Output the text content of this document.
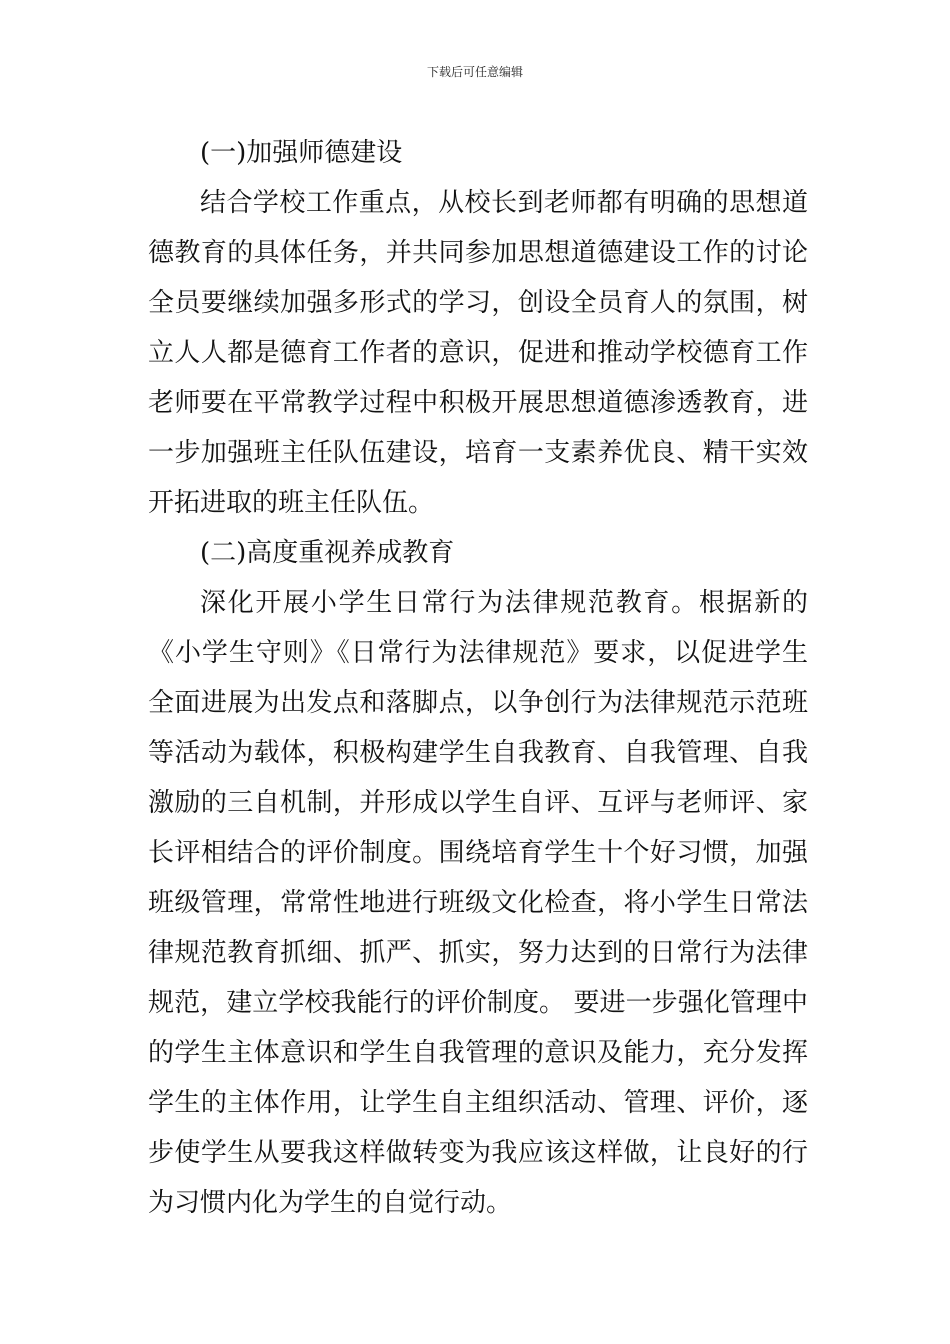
下载后可任意编辑
(一)加强师德建设
结合学校工作重点，从校长到老师都有明确的思想道
德教育的具体任务，并共同参加思想道德建设工作的讨论
全员要继续加强多形式的学习，创设全员育人的氛围，树
立人人都是德育工作者的意识，促进和推动学校德育工作
老师要在平常教学过程中积极开展思想道德渗透教育，进
一步加强班主任队伍建设，培育一支素养优良、精干实效
开拓进取的班主任队伍。
(二)高度重视养成教育
深化开展小学生日常行为法律规范教育。根据新的
《小学生守则》《日常行为法律规范》要求，以促进学生
全面进展为出发点和落脚点，以争创行为法律规范示范班
等活动为载体，积极构建学生自我教育、自我管理、自我
激励的三自机制，并形成以学生自评、互评与老师评、家
长评相结合的评价制度。围绕培育学生十个好习惯，加强
班级管理，常常性地进行班级文化检查，将小学生日常法
律规范教育抓细、抓严、抓实，努力达到的日常行为法律
规范，建立学校我能行的评价制度。 要进一步强化管理中
的学生主体意识和学生自我管理的意识及能力，充分发挥
学生的主体作用，让学生自主组织活动、管理、评价，逐
步使学生从要我这样做转变为我应该这样做，让良好的行
为习惯内化为学生的自觉行动。
